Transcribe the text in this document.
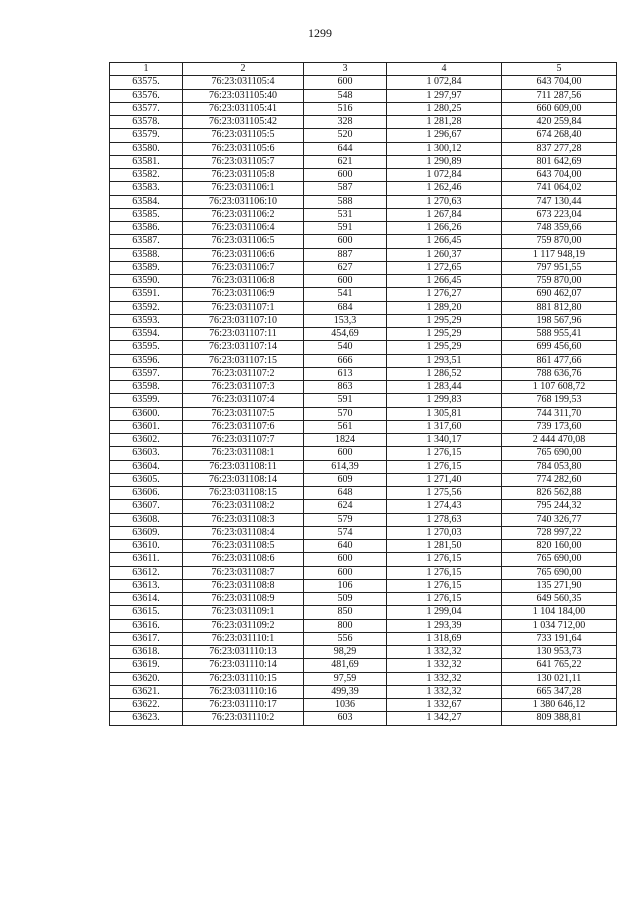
1299
1	2	3	4	5
63575.	76:23:031105:4	600	1 072,84	643 704,00
63576.	76:23:031105:40	548	1 297,97	711 287,56
63577.	76:23:031105:41	516	1 280,25	660 609,00
63578.	76:23:031105:42	328	1 281,28	420 259,84
63579.	76:23:031105:5	520	1 296,67	674 268,40
63580.	76:23:031105:6	644	1 300,12	837 277,28
63581.	76:23:031105:7	621	1 290,89	801 642,69
63582.	76:23:031105:8	600	1 072,84	643 704,00
63583.	76:23:031106:1	587	1 262,46	741 064,02
63584.	76:23:031106:10	588	1 270,63	747 130,44
63585.	76:23:031106:2	531	1 267,84	673 223,04
63586.	76:23:031106:4	591	1 266,26	748 359,66
63587.	76:23:031106:5	600	1 266,45	759 870,00
63588.	76:23:031106:6	887	1 260,37	1 117 948,19
63589.	76:23:031106:7	627	1 272,65	797 951,55
63590.	76:23:031106:8	600	1 266,45	759 870,00
63591.	76:23:031106:9	541	1 276,27	690 462,07
63592.	76:23:031107:1	684	1 289,20	881 812,80
63593.	76:23:031107:10	153,3	1 295,29	198 567,96
63594.	76:23:031107:11	454,69	1 295,29	588 955,41
63595.	76:23:031107:14	540	1 295,29	699 456,60
63596.	76:23:031107:15	666	1 293,51	861 477,66
63597.	76:23:031107:2	613	1 286,52	788 636,76
63598.	76:23:031107:3	863	1 283,44	1 107 608,72
63599.	76:23:031107:4	591	1 299,83	768 199,53
63600.	76:23:031107:5	570	1 305,81	744 311,70
63601.	76:23:031107:6	561	1 317,60	739 173,60
63602.	76:23:031107:7	1824	1 340,17	2 444 470,08
63603.	76:23:031108:1	600	1 276,15	765 690,00
63604.	76:23:031108:11	614,39	1 276,15	784 053,80
63605.	76:23:031108:14	609	1 271,40	774 282,60
63606.	76:23:031108:15	648	1 275,56	826 562,88
63607.	76:23:031108:2	624	1 274,43	795 244,32
63608.	76:23:031108:3	579	1 278,63	740 326,77
63609.	76:23:031108:4	574	1 270,03	728 997,22
63610.	76:23:031108:5	640	1 281,50	820 160,00
63611.	76:23:031108:6	600	1 276,15	765 690,00
63612.	76:23:031108:7	600	1 276,15	765 690,00
63613.	76:23:031108:8	106	1 276,15	135 271,90
63614.	76:23:031108:9	509	1 276,15	649 560,35
63615.	76:23:031109:1	850	1 299,04	1 104 184,00
63616.	76:23:031109:2	800	1 293,39	1 034 712,00
63617.	76:23:031110:1	556	1 318,69	733 191,64
63618.	76:23:031110:13	98,29	1 332,32	130 953,73
63619.	76:23:031110:14	481,69	1 332,32	641 765,22
63620.	76:23:031110:15	97,59	1 332,32	130 021,11
63621.	76:23:031110:16	499,39	1 332,32	665 347,28
63622.	76:23:031110:17	1036	1 332,67	1 380 646,12
63623.	76:23:031110:2	603	1 342,27	809 388,81
